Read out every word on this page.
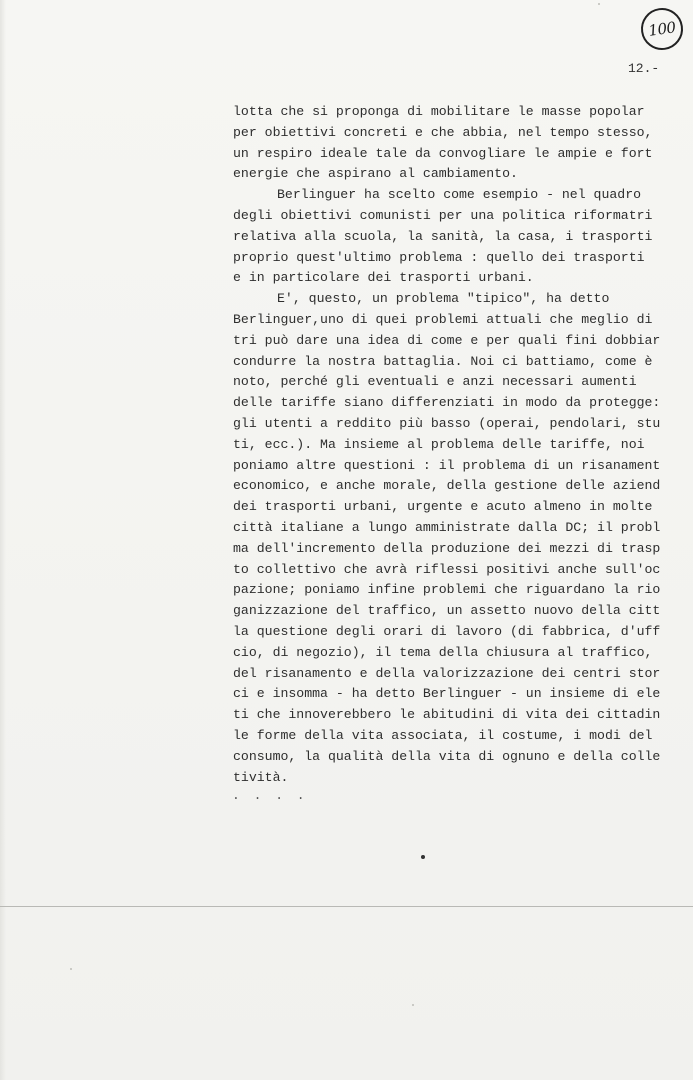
100
12.-
lotta che si proponga di mobilitare le masse popolar
per obiettivi concreti e che abbia, nel tempo stesso,
un respiro ideale tale da convogliare le ampie e fort
energie che aspirano al cambiamento.
Berlinguer ha scelto come esempio - nel quadro
degli obiettivi comunisti per una politica riformatri
relativa alla scuola, la sanità, la casa, i trasporti
proprio quest'ultimo problema : quello dei trasporti
e in particolare dei trasporti urbani.
E', questo, un problema "tipico", ha detto
Berlinguer,uno di quei problemi attuali che meglio di
tri può dare una idea di come e per quali fini dobbiar
condurre la nostra battaglia. Noi ci battiamo, come è
noto, perché gli eventuali e anzi necessari aumenti
delle tariffe siano differenziati in modo da protegge:
gli utenti a reddito più basso (operai, pendolari, stu
ti, ecc.). Ma insieme al problema delle tariffe, noi
poniamo altre questioni : il problema di un risanament
economico, e anche morale, della gestione delle aziend
dei trasporti urbani, urgente e acuto almeno in molte
città italiane a lungo amministrate dalla DC; il probl
ma dell'incremento della produzione dei mezzi di trasp
to collettivo che avrà riflessi positivi anche sull'oc
pazione; poniamo infine problemi che riguardano la rio
ganizzazione del traffico, un assetto nuovo della citt
la questione degli orari di lavoro (di fabbrica, d'uff
cio, di negozio), il tema della chiusura al traffico,
del risanamento e della valorizzazione dei centri stor
ci e insomma - ha detto Berlinguer - un insieme di ele
ti che innoverebbero le abitudini di vita dei cittadin
le forme della vita associata, il costume, i modi del
consumo, la qualità della vita di ognuno e della colle
tività.
. . . .
